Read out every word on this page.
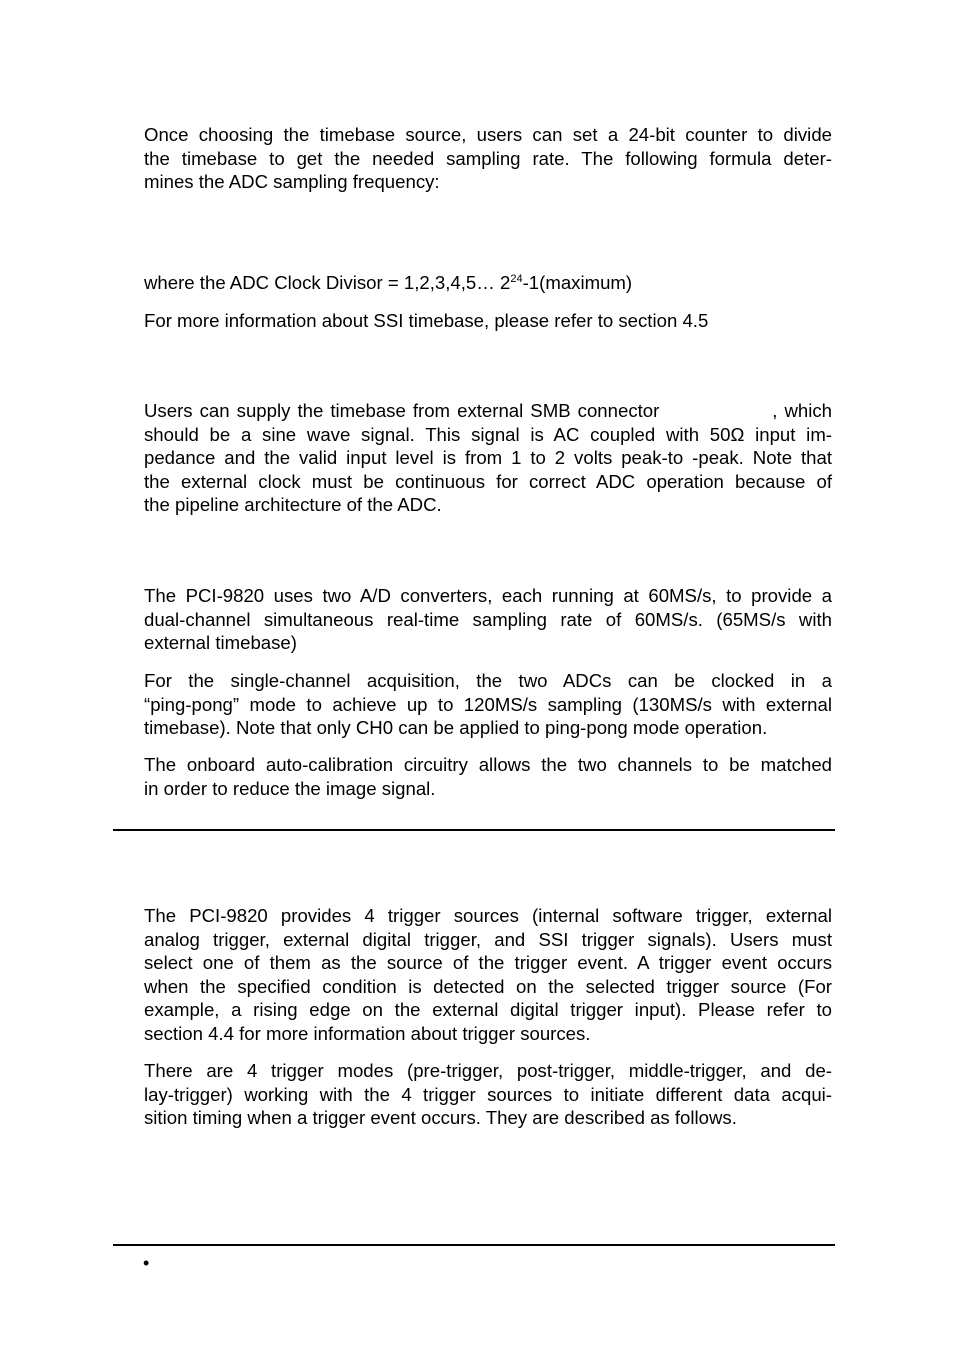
Once choosing the timebase source, users can set a 24-bit counter to divide
the timebase to get the needed sampling rate. The following formula deter-
mines the ADC sampling frequency:
where the ADC Clock Divisor = 1,2,3,4,5… $2^{24}-1(maximum)$
For more information about SSI timebase, please refer to section 4.5
Users can supply the timebase from external SMB connector                , which
should be a sine wave signal. This signal is AC coupled with 50Ω input im-
pedance and the valid input level is from 1 to 2 volts peak-to -peak. Note that
the external clock must be continuous for correct ADC operation because of
the pipeline architecture of the ADC.
The PCI-9820 uses two A/D converters, each running at 60MS/s, to provide a
dual-channel simultaneous real-time sampling rate of 60MS/s. (65MS/s with
external timebase)
For the single-channel acquisition, the two ADCs can be clocked in a
“ping-pong” mode to achieve up to 120MS/s sampling (130MS/s with external
timebase). Note that only CH0 can be applied to ping-pong mode operation.
The onboard auto-calibration circuitry allows the two channels to be matched
in order to reduce the image signal.
The PCI-9820 provides 4 trigger sources (internal software trigger, external
analog trigger, external digital trigger, and SSI trigger signals). Users must
select one of them as the source of the trigger event. A trigger event occurs
when the specified condition is detected on the selected trigger source (For
example, a rising edge on the external digital trigger input). Please refer to
section 4.4 for more information about trigger sources.
There are 4 trigger modes (pre-trigger, post-trigger, middle-trigger, and de-
lay-trigger) working with the 4 trigger sources to initiate different data acqui-
sition timing when a trigger event occurs. They are described as follows.
•
